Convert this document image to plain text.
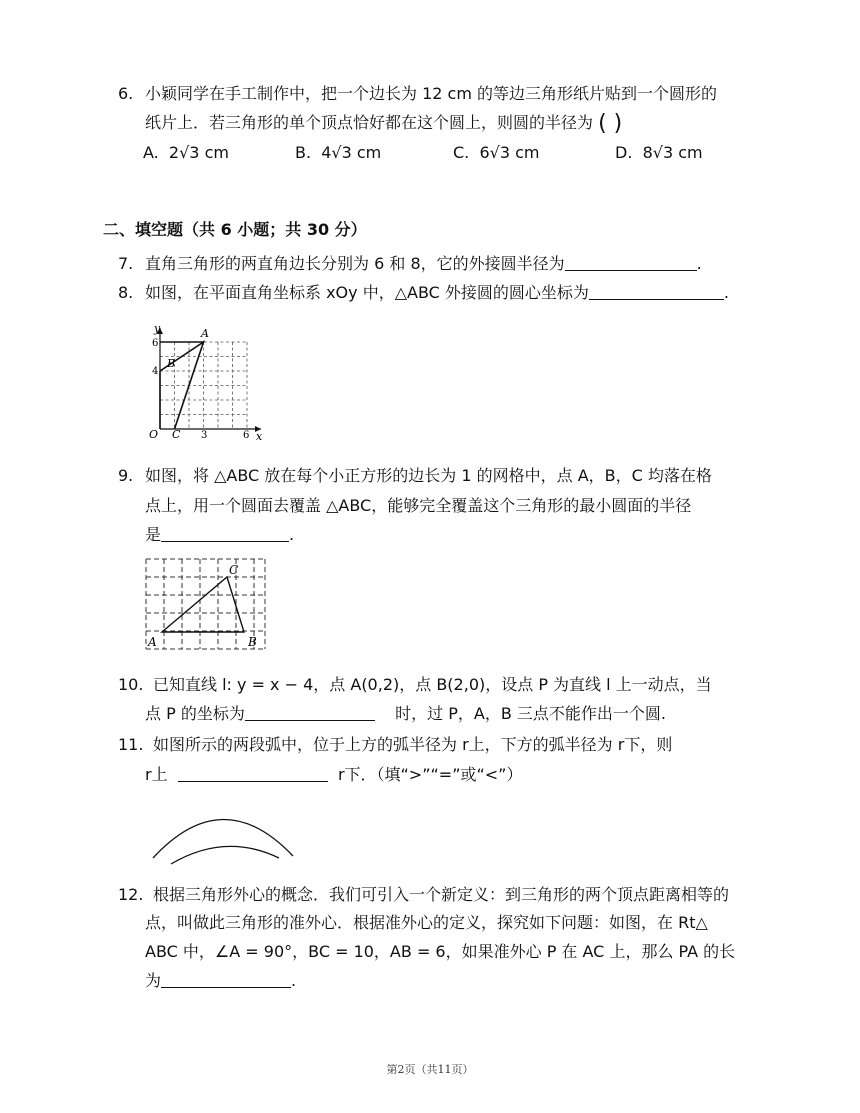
6. 小颖同学在手工制作中，把一个边长为 12 cm 的等边三角形纸片贴到一个圆形的
纸片上．若三角形的单个顶点恰好都在这个圆上，则圆的半径为 ( )
A. 2√3 cm	B. 4√3 cm	C. 6√3 cm	D. 8√3 cm
二、填空题（共 6 小题；共 30 分）
7. 直角三角形的两直角边长分别为 6 和 8，它的外接圆半径为	.
8. 如图，在平面直角坐标系 xOy 中，△ABC 外接圆的圆心坐标为	.
y
x
O
A
B
C
6
4
3	6
9. 如图，将 △ABC 放在每个小正方形的边长为 1 的网格中，点 A，B，C 均落在格
点上，用一个圆面去覆盖 △ABC，能够完全覆盖这个三角形的最小圆面的半径
是	.
A	B
C
10. 已知直线 l: y = x − 4，点 A(0,2)，点 B(2,0)，设点 P 为直线 l 上一动点，当
点 P 的坐标为	时，过 P，A，B 三点不能作出一个圆.
11. 如图所示的两段弧中，位于上方的弧半径为 r上，下方的弧半径为 r下，则
r上	r下．（填“>”“=”或“<”）
12. 根据三角形外心的概念．我们可引入一个新定义：到三角形的两个顶点距离相等的
点，叫做此三角形的准外心．根据准外心的定义，探究如下问题：如图，在 Rt△
ABC 中，∠A = 90°，BC = 10，AB = 6，如果准外心 P 在 AC 上，那么 PA 的长
为	.
第2页（共11页）
